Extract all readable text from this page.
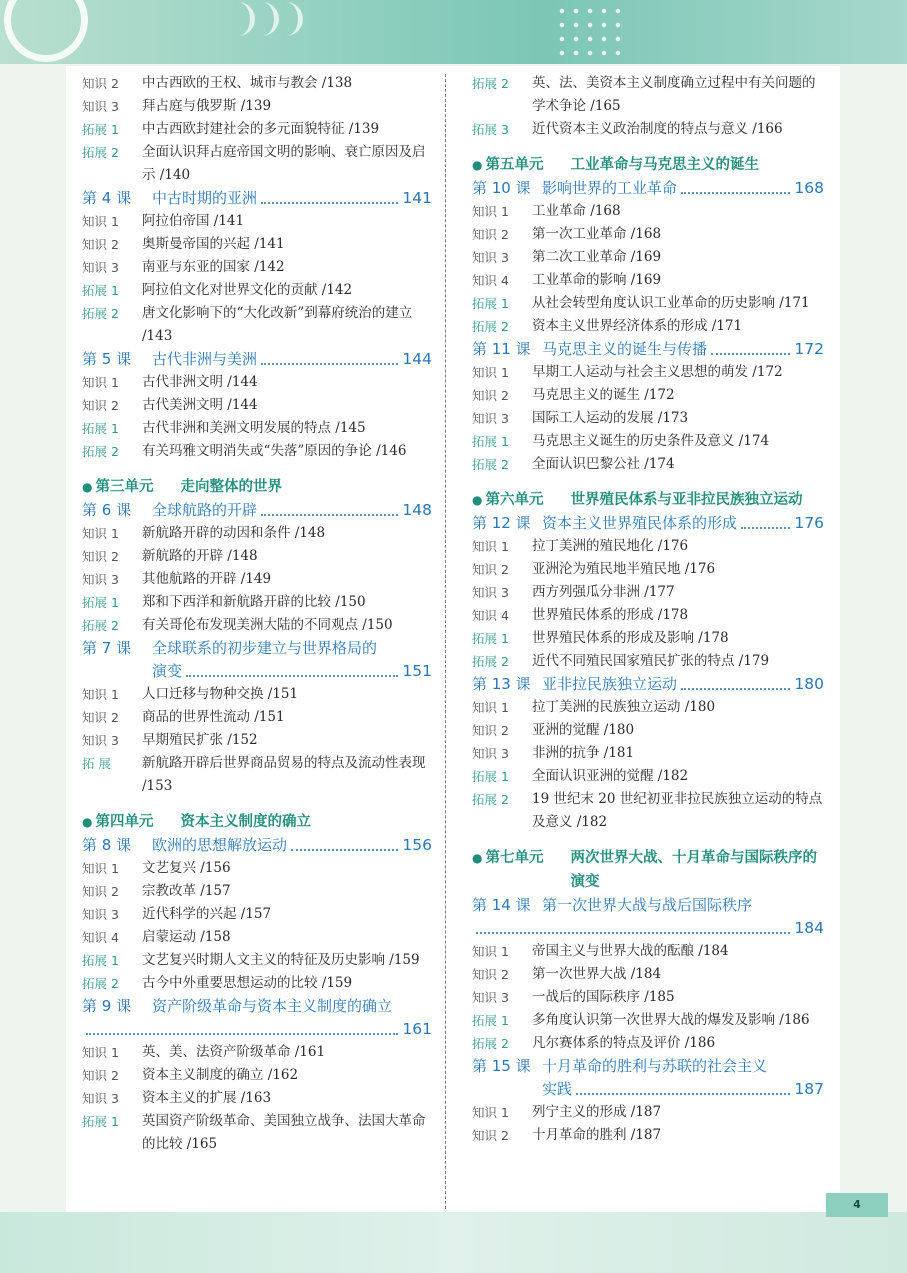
知识 2	中古西欧的王权、城市与教会 /138
知识 3	拜占庭与俄罗斯 /139
拓展 1	中古西欧封建社会的多元面貌特征 /139
拓展 2	全面认识拜占庭帝国文明的影响、衰亡原因及启示 /140
第 4 课	中古时期的亚洲	141
知识 1	阿拉伯帝国 /141
知识 2	奥斯曼帝国的兴起 /141
知识 3	南亚与东亚的国家 /142
拓展 1	阿拉伯文化对世界文化的贡献 /142
拓展 2	唐文化影响下的“大化改新”到幕府统治的建立 /143
第 5 课	古代非洲与美洲	144
知识 1	古代非洲文明 /144
知识 2	古代美洲文明 /144
拓展 1	古代非洲和美洲文明发展的特点 /145
拓展 2	有关玛雅文明消失或“失落”原因的争论 /146
● 第三单元	走向整体的世界
第 6 课	全球航路的开辟	148
知识 1	新航路开辟的动因和条件 /148
知识 2	新航路的开辟 /148
知识 3	其他航路的开辟 /149
拓展 1	郑和下西洋和新航路开辟的比较 /150
拓展 2	有关哥伦布发现美洲大陆的不同观点 /150
第 7 课	全球联系的初步建立与世界格局的
演变	151
知识 1	人口迁移与物种交换 /151
知识 2	商品的世界性流动 /151
知识 3	早期殖民扩张 /152
拓 展	新航路开辟后世界商品贸易的特点及流动性表现 /153
● 第四单元	资本主义制度的确立
第 8 课	欧洲的思想解放运动	156
知识 1	文艺复兴 /156
知识 2	宗教改革 /157
知识 3	近代科学的兴起 /157
知识 4	启蒙运动 /158
拓展 1	文艺复兴时期人文主义的特征及历史影响 /159
拓展 2	古今中外重要思想运动的比较 /159
第 9 课	资产阶级革命与资本主义制度的确立
161
知识 1	英、美、法资产阶级革命 /161
知识 2	资本主义制度的确立 /162
知识 3	资本主义的扩展 /163
拓展 1	英国资产阶级革命、美国独立战争、法国大革命的比较 /165
拓展 2	英、法、美资本主义制度确立过程中有关问题的学术争论 /165
拓展 3	近代资本主义政治制度的特点与意义 /166
● 第五单元	工业革命与马克思主义的诞生
第 10 课 影响世界的工业革命	168
知识 1	工业革命 /168
知识 2	第一次工业革命 /168
知识 3	第二次工业革命 /169
知识 4	工业革命的影响 /169
拓展 1	从社会转型角度认识工业革命的历史影响 /171
拓展 2	资本主义世界经济体系的形成 /171
第 11 课 马克思主义的诞生与传播	172
知识 1	早期工人运动与社会主义思想的萌发 /172
知识 2	马克思主义的诞生 /172
知识 3	国际工人运动的发展 /173
拓展 1	马克思主义诞生的历史条件及意义 /174
拓展 2	全面认识巴黎公社 /174
● 第六单元	世界殖民体系与亚非拉民族独立运动
第 12 课 资本主义世界殖民体系的形成	176
知识 1	拉丁美洲的殖民地化 /176
知识 2	亚洲沦为殖民地半殖民地 /176
知识 3	西方列强瓜分非洲 /177
知识 4	世界殖民体系的形成 /178
拓展 1	世界殖民体系的形成及影响 /178
拓展 2	近代不同殖民国家殖民扩张的特点 /179
第 13 课 亚非拉民族独立运动	180
知识 1	拉丁美洲的民族独立运动 /180
知识 2	亚洲的觉醒 /180
知识 3	非洲的抗争 /181
拓展 1	全面认识亚洲的觉醒 /182
拓展 2	19 世纪末 20 世纪初亚非拉民族独立运动的特点及意义 /182
● 第七单元	两次世界大战、十月革命与国际秩序的演变
第 14 课 第一次世界大战与战后国际秩序
184
知识 1	帝国主义与世界大战的酝酿 /184
知识 2	第一次世界大战 /184
知识 3	一战后的国际秩序 /185
拓展 1	多角度认识第一次世界大战的爆发及影响 /186
拓展 2	凡尔赛体系的特点及评价 /186
第 15 课 十月革命的胜利与苏联的社会主义
实践	187
知识 1	列宁主义的形成 /187
知识 2	十月革命的胜利 /187
4
